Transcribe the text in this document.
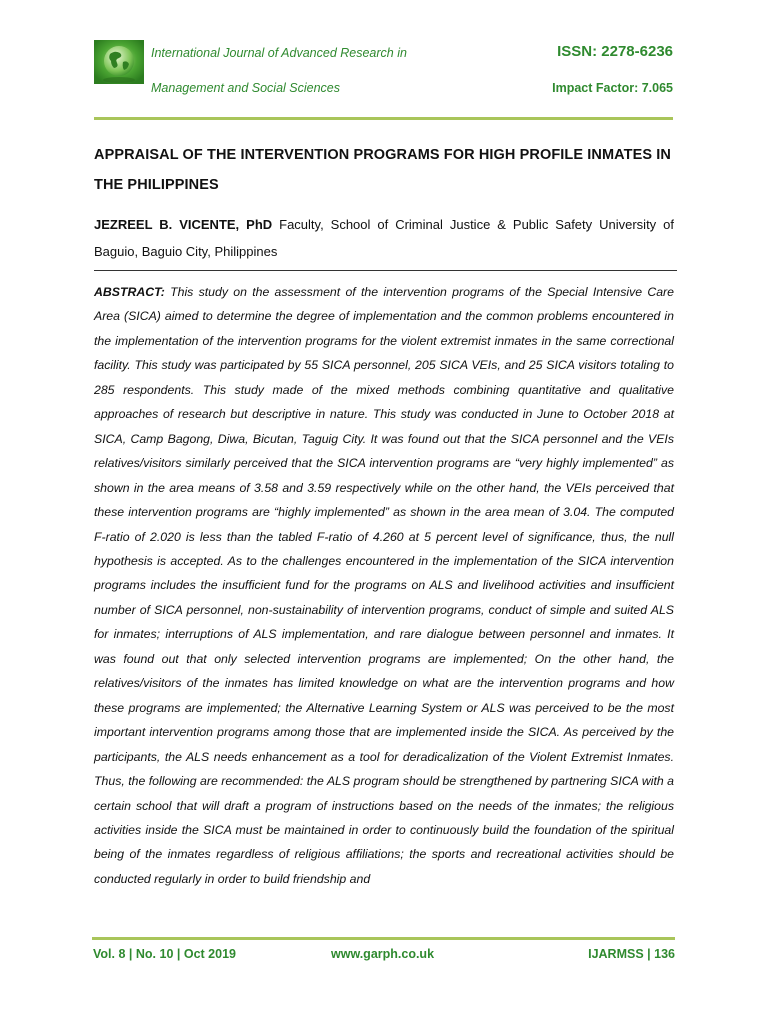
International Journal of Advanced Research in
Management and Social Sciences
ISSN: 2278-6236
Impact Factor: 7.065
APPRAISAL OF THE INTERVENTION PROGRAMS FOR HIGH PROFILE INMATES IN THE PHILIPPINES
JEZREEL B. VICENTE, PhD Faculty, School of Criminal Justice & Public Safety University of Baguio, Baguio City, Philippines
ABSTRACT: This study on the assessment of the intervention programs of the Special Intensive Care Area (SICA) aimed to determine the degree of implementation and the common problems encountered in the implementation of the intervention programs for the violent extremist inmates in the same correctional facility. This study was participated by 55 SICA personnel, 205 SICA VEIs, and 25 SICA visitors totaling to 285 respondents. This study made of the mixed methods combining quantitative and qualitative approaches of research but descriptive in nature. This study was conducted in June to October 2018 at SICA, Camp Bagong, Diwa, Bicutan, Taguig City. It was found out that the SICA personnel and the VEIs relatives/visitors similarly perceived that the SICA intervention programs are “very highly implemented” as shown in the area means of 3.58 and 3.59 respectively while on the other hand, the VEIs perceived that these intervention programs are “highly implemented” as shown in the area mean of 3.04. The computed F-ratio of 2.020 is less than the tabled F-ratio of 4.260 at 5 percent level of significance, thus, the null hypothesis is accepted. As to the challenges encountered in the implementation of the SICA intervention programs includes the insufficient fund for the programs on ALS and livelihood activities and insufficient number of SICA personnel, non-sustainability of intervention programs, conduct of simple and suited ALS for inmates; interruptions of ALS implementation, and rare dialogue between personnel and inmates. It was found out that only selected intervention programs are implemented; On the other hand, the relatives/visitors of the inmates has limited knowledge on what are the intervention programs and how these programs are implemented; the Alternative Learning System or ALS was perceived to be the most important intervention programs among those that are implemented inside the SICA. As perceived by the participants, the ALS needs enhancement as a tool for deradicalization of the Violent Extremist Inmates. Thus, the following are recommended: the ALS program should be strengthened by partnering SICA with a certain school that will draft a program of instructions based on the needs of the inmates; the religious activities inside the SICA must be maintained in order to continuously build the foundation of the spiritual being of the inmates regardless of religious affiliations; the sports and recreational activities should be conducted regularly in order to build friendship and
Vol. 8 | No. 10 | Oct 2019	www.garph.co.uk	IJARMSS | 136
